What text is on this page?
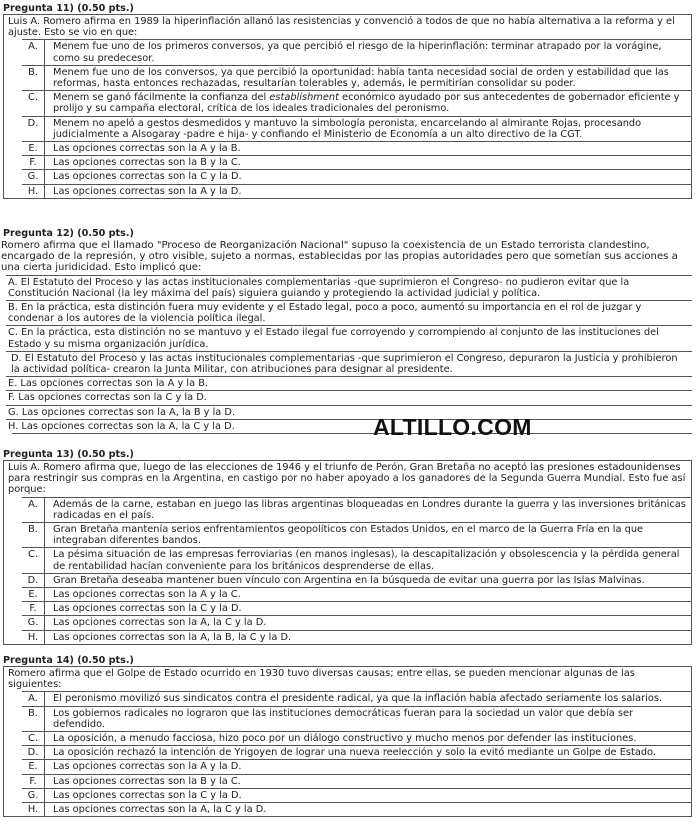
Pregunta 11) (0.50 pts.)
Luis A. Romero afirma en 1989 la hiperinflación allanó las resistencias y convenció a todos de que no había alternativa a la reforma y el ajuste. Esto se vio en que:
A.	Menem fue uno de los primeros conversos, ya que percibió el riesgo de la hiperinflación: terminar atrapado por la vorágine, como su predecesor.
B.	Menem fue uno de los conversos, ya que percibió la oportunidad: había tanta necesidad social de orden y estabilidad que las reformas, hasta entonces rechazadas, resultarían tolerables y, además, le permitirían consolidar su poder.
C.	Menem se ganó fácilmente la confianza del establishment económico ayudado por sus antecedentes de gobernador eficiente y prolijo y su campaña electoral, crítica de los ideales tradicionales del peronismo.
D.	Menem no apeló a gestos desmedidos y mantuvo la simbología peronista, encarcelando al almirante Rojas, procesando judicialmente a Alsogaray -padre e hija- y confiando el Ministerio de Economía a un alto directivo de la CGT.
E.	Las opciones correctas son la A y la B.
F.	Las opciones correctas son la B y la C.
G.	Las opciones correctas son la C y la D.
H.	Las opciones correctas son la A y la D.
Pregunta 12) (0.50 pts.)
Romero afirma que el llamado "Proceso de Reorganización Nacional" supuso la coexistencia de un Estado terrorista clandestino, encargado de la represión, y otro visible, sujeto a normas, establecidas por las propias autoridades pero que sometían sus acciones a una cierta juridicidad. Esto implicó que:
A. El Estatuto del Proceso y las actas institucionales complementarias -que suprimieron el Congreso- no pudieron evitar que la Constitución Nacional (la ley máxima del país) siguiera guiando y protegiendo la actividad judicial y política.
B. En la práctica, esta distinción fuera muy evidente y el Estado legal, poco a poco, aumentó su importancia en el rol de juzgar y condenar a los autores de la violencia política ilegal.
C. En la práctica, esta distinción no se mantuvo y el Estado ilegal fue corroyendo y corrompiendo al conjunto de las instituciones del Estado y su misma organización jurídica.
D. El Estatuto del Proceso y las actas institucionales complementarias -que suprimieron el Congreso, depuraron la Justicia y prohibieron la actividad política- crearon la Junta Militar, con atribuciones para designar al presidente.
E. Las opciones correctas son la A y la B.
F. Las opciones correctas son la C y la D.
G. Las opciones correctas son la A, la B y la D.
H. Las opciones correctas son la A, la C y la D.
Pregunta 13) (0.50 pts.)
Luis A. Romero afirma que, luego de las elecciones de 1946 y el triunfo de Perón, Gran Bretaña no aceptó las presiones estadounidenses para restringir sus compras en la Argentina, en castigo por no haber apoyado a los ganadores de la Segunda Guerra Mundial. Esto fue así porque:
A.	Además de la carne, estaban en juego las libras argentinas bloqueadas en Londres durante la guerra y las inversiones británicas radicadas en el país.
B.	Gran Bretaña mantenía serios enfrentamientos geopolíticos con Estados Unidos, en el marco de la Guerra Fría en la que integraban diferentes bandos.
C.	La pésima situación de las empresas ferroviarias (en manos inglesas), la descapitalización y obsolescencia y la pérdida general de rentabilidad hacían conveniente para los británicos desprenderse de ellas.
D.	Gran Bretaña deseaba mantener buen vínculo con Argentina en la búsqueda de evitar una guerra por las Islas Malvinas.
E.	Las opciones correctas son la A y la C.
F.	Las opciones correctas son la C y la D.
G.	Las opciones correctas son la A, la C y la D.
H.	Las opciones correctas son la A, la B, la C y la D.
Pregunta 14) (0.50 pts.)
Romero afirma que el Golpe de Estado ocurrido en 1930 tuvo diversas causas; entre ellas, se pueden mencionar algunas de las siguientes:
A.	El peronismo movilizó sus sindicatos contra el presidente radical, ya que la inflación había afectado seriamente los salarios.
B.	Los gobiernos radicales no lograron que las instituciones democráticas fueran para la sociedad un valor que debía ser defendido.
C.	La oposición, a menudo facciosa, hizo poco por un diálogo constructivo y mucho menos por defender las instituciones.
D.	La oposición rechazó la intención de Yrigoyen de lograr una nueva reelección y solo la evitó mediante un Golpe de Estado.
E.	Las opciones correctas son la A y la D.
F.	Las opciones correctas son la B y la C.
G.	Las opciones correctas son la C y la D.
H.	Las opciones correctas son la A, la C y la D.
ALTILLO.COM
